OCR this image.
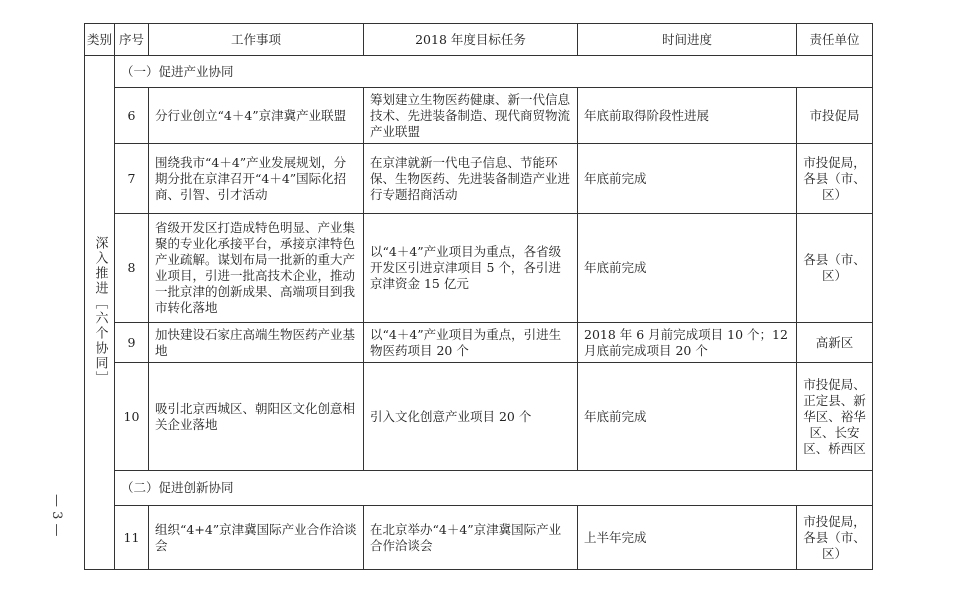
— 3 —
类别	序号	工作事项	2018 年度目标任务	时间进度	责任单位
深入推进［六个协同］	（一）促进产业协同				
	6	分行业创立“4＋4”京津冀产业联盟	筹划建立生物医药健康、新一代信息技术、先进装备制造、现代商贸物流产业联盟	年底前取得阶段性进展	市投促局
	7	围绕我市“4＋4”产业发展规划，分期分批在京津召开“4＋4”国际化招商、引智、引才活动	在京津就新一代电子信息、节能环保、生物医药、先进装备制造产业进行专题招商活动	年底前完成	市投促局，各县（市、区）
	8	省级开发区打造成特色明显、产业集聚的专业化承接平台，承接京津特色产业疏解。谋划布局一批新的重大产业项目，引进一批高技术企业，推动一批京津的创新成果、高端项目到我市转化落地	以“4＋4”产业项目为重点，各省级开发区引进京津项目 5 个，各引进京津资金 15 亿元	年底前完成	各县（市、区）
	9	加快建设石家庄高端生物医药产业基地	以“4＋4”产业项目为重点，引进生物医药项目 20 个	2018 年 6 月前完成项目 10 个；12 月底前完成项目 20 个	高新区
	10	吸引北京西城区、朝阳区文化创意相关企业落地	引入文化创意产业项目 20 个	年底前完成	市投促局、正定县、新华区、裕华区、长安区、桥西区
	（二）促进创新协同				
	11	组织“4+4”京津冀国际产业合作洽谈会	在北京举办“4＋4”京津冀国际产业合作洽谈会	上半年完成	市投促局，各县（市、区）
